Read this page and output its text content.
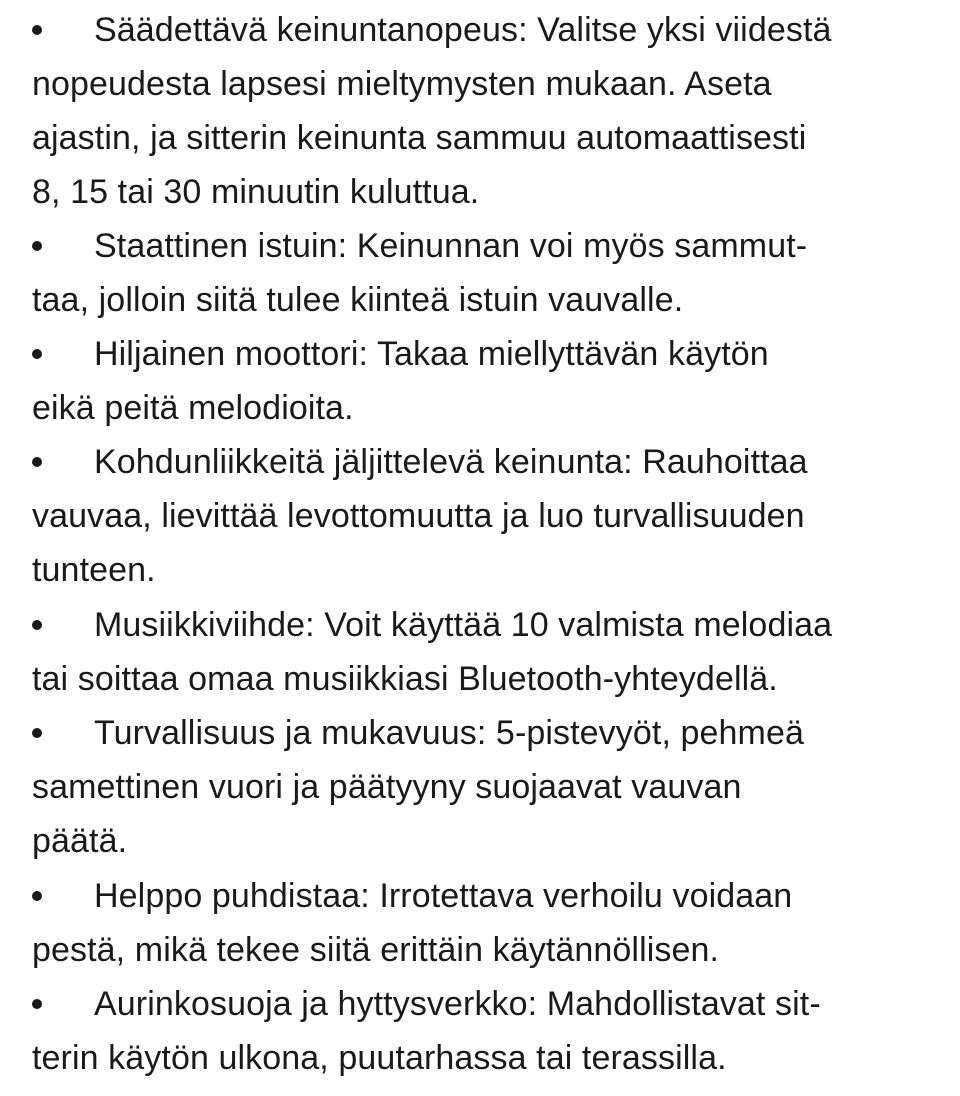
Säädettävä keinuntanopeus: Valitse yksi viidestä
nopeudesta lapsesi mieltymysten mukaan. Aseta
ajastin, ja sitterin keinunta sammuu automaattisesti
8, 15 tai 30 minuutin kuluttua.
Staattinen istuin: Keinunnan voi myös sammut-
taa, jolloin siitä tulee kiinteä istuin vauvalle.
Hiljainen moottori: Takaa miellyttävän käytön
eikä peitä melodioita.
Kohdunliikkeitä jäljittelevä keinunta: Rauhoittaa
vauvaa, lievittää levottomuutta ja luo turvallisuuden
tunteen.
Musiikkiviihde: Voit käyttää 10 valmista melodiaa
tai soittaa omaa musiikkiasi Bluetooth-yhteydellä.
Turvallisuus ja mukavuus: 5-pistevyöt, pehmeä
samettinen vuori ja päätyyny suojaavat vauvan
päätä.
Helppo puhdistaa: Irrotettava verhoilu voidaan
pestä, mikä tekee siitä erittäin käytännöllisen.
Aurinkosuoja ja hyttysverkko: Mahdollistavat sit-
terin käytön ulkona, puutarhassa tai terassilla.
